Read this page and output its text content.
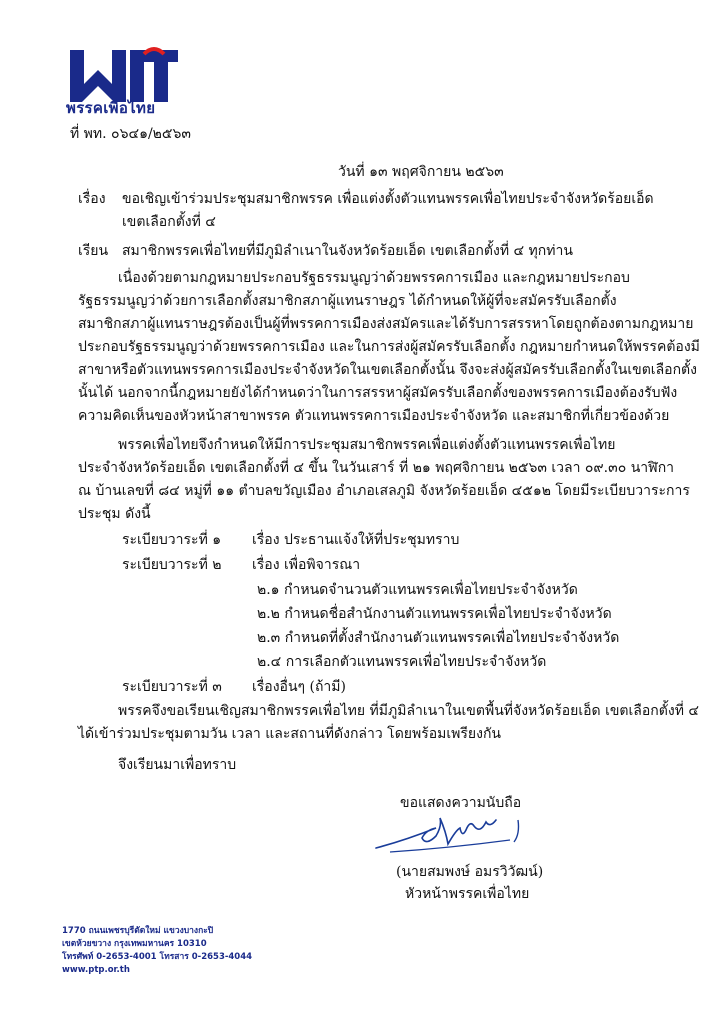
พรรคเพื่อไทย
ที่ พท. ๐๖๔๑/๒๕๖๓
วันที่ ๑๓ พฤศจิกายน ๒๕๖๓
เรื่อง ขอเชิญเข้าร่วมประชุมสมาชิกพรรค เพื่อแต่งตั้งตัวแทนพรรคเพื่อไทยประจำจังหวัดร้อยเอ็ด
เขตเลือกตั้งที่ ๔
เรียน สมาชิกพรรคเพื่อไทยที่มีภูมิลำเนาในจังหวัดร้อยเอ็ด เขตเลือกตั้งที่ ๔ ทุกท่าน
เนื่องด้วยตามกฎหมายประกอบรัฐธรรมนูญว่าด้วยพรรคการเมือง และกฎหมายประกอบ
รัฐธรรมนูญว่าด้วยการเลือกตั้งสมาชิกสภาผู้แทนราษฎร ได้กำหนดให้ผู้ที่จะสมัครรับเลือกตั้ง
สมาชิกสภาผู้แทนราษฎรต้องเป็นผู้ที่พรรคการเมืองส่งสมัครและได้รับการสรรหาโดยถูกต้องตามกฎหมาย
ประกอบรัฐธรรมนูญว่าด้วยพรรคการเมือง และในการส่งผู้สมัครรับเลือกตั้ง กฎหมายกำหนดให้พรรคต้องมี
สาขาหรือตัวแทนพรรคการเมืองประจำจังหวัดในเขตเลือกตั้งนั้น จึงจะส่งผู้สมัครรับเลือกตั้งในเขตเลือกตั้ง
นั้นได้ นอกจากนี้กฎหมายยังได้กำหนดว่าในการสรรหาผู้สมัครรับเลือกตั้งของพรรคการเมืองต้องรับฟัง
ความคิดเห็นของหัวหน้าสาขาพรรค ตัวแทนพรรคการเมืองประจำจังหวัด และสมาชิกที่เกี่ยวข้องด้วย
พรรคเพื่อไทยจึงกำหนดให้มีการประชุมสมาชิกพรรคเพื่อแต่งตั้งตัวแทนพรรคเพื่อไทย
ประจำจังหวัดร้อยเอ็ด เขตเลือกตั้งที่ ๔ ขึ้น ในวันเสาร์ ที่ ๒๑ พฤศจิกายน ๒๕๖๓ เวลา ๐๙.๓๐ นาฬิกา
ณ บ้านเลขที่ ๘๔ หมู่ที่ ๑๑ ตำบลขวัญเมือง อำเภอเสลภูมิ จังหวัดร้อยเอ็ด ๔๕๑๒ โดยมีระเบียบวาระการ
ประชุม ดังนี้
ระเบียบวาระที่ ๑ เรื่อง ประธานแจ้งให้ที่ประชุมทราบ
ระเบียบวาระที่ ๒ เรื่อง เพื่อพิจารณา
๒.๑ กำหนดจำนวนตัวแทนพรรคเพื่อไทยประจำจังหวัด
๒.๒ กำหนดชื่อสำนักงานตัวแทนพรรคเพื่อไทยประจำจังหวัด
๒.๓ กำหนดที่ตั้งสำนักงานตัวแทนพรรคเพื่อไทยประจำจังหวัด
๒.๔ การเลือกตัวแทนพรรคเพื่อไทยประจำจังหวัด
ระเบียบวาระที่ ๓ เรื่องอื่นๆ (ถ้ามี)
พรรคจึงขอเรียนเชิญสมาชิกพรรคเพื่อไทย ที่มีภูมิลำเนาในเขตพื้นที่จังหวัดร้อยเอ็ด เขตเลือกตั้งที่ ๔
ได้เข้าร่วมประชุมตามวัน เวลา และสถานที่ดังกล่าว โดยพร้อมเพรียงกัน
จึงเรียนมาเพื่อทราบ
ขอแสดงความนับถือ
(นายสมพงษ์ อมรวิวัฒน์)
หัวหน้าพรรคเพื่อไทย
1770 ถนนเพชรบุรีตัดใหม่ แขวงบางกะปิ
เขตห้วยขวาง กรุงเทพมหานคร 10310
โทรศัพท์ 0-2653-4001 โทรสาร 0-2653-4044
www.ptp.or.th
